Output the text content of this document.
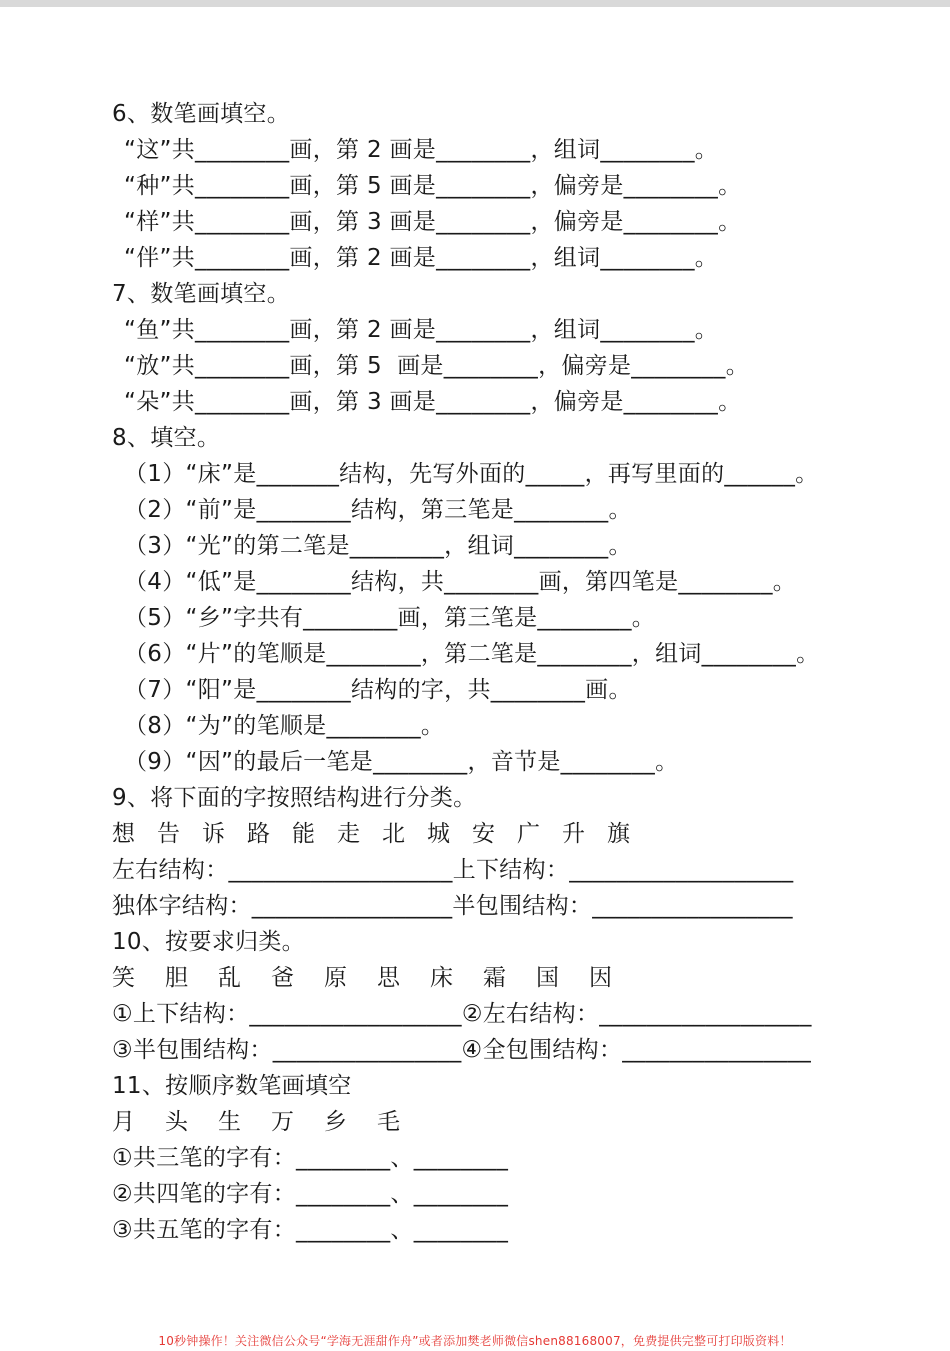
6、数笔画填空。
“这”共________画，第 2 画是________，组词________。
“种”共________画，第 5 画是________，偏旁是________。
“样”共________画，第 3 画是________，偏旁是________。
“伴”共________画，第 2 画是________，组词________。
7、数笔画填空。
“鱼”共________画，第 2 画是________，组词________。
“放”共________画，第 5  画是________，偏旁是________。
“朵”共________画，第 3 画是________，偏旁是________。
8、填空。
（1）“床”是_______结构，先写外面的_____，再写里面的______。
（2）“前”是________结构，第三笔是________。
（3）“光”的第二笔是________，组词________。
（4）“低”是________结构，共________画，第四笔是________。
（5）“乡”字共有________画，第三笔是________。
（6）“片”的笔顺是________，第二笔是________，组词________。
（7）“阳”是________结构的字，共________画。
（8）“为”的笔顺是________。
（9）“因”的最后一笔是________，音节是________。
9、将下面的字按照结构进行分类。
想告诉路能走北城安广升旗
左右结构：___________________上下结构：___________________
独体字结构：_________________半包围结构：_________________
10、按要求归类。
笑胆乱爸原思床霜国因
①上下结构：__________________②左右结构：__________________
③半包围结构：________________④全包围结构：________________
11、按顺序数笔画填空
月头生万乡毛
①共三笔的字有：________、________
②共四笔的字有：________、________
③共五笔的字有：________、________
10秒钟操作！关注微信公众号“学海无涯甜作舟”或者添加樊老师微信shen88168007，免费提供完整可打印版资料！
